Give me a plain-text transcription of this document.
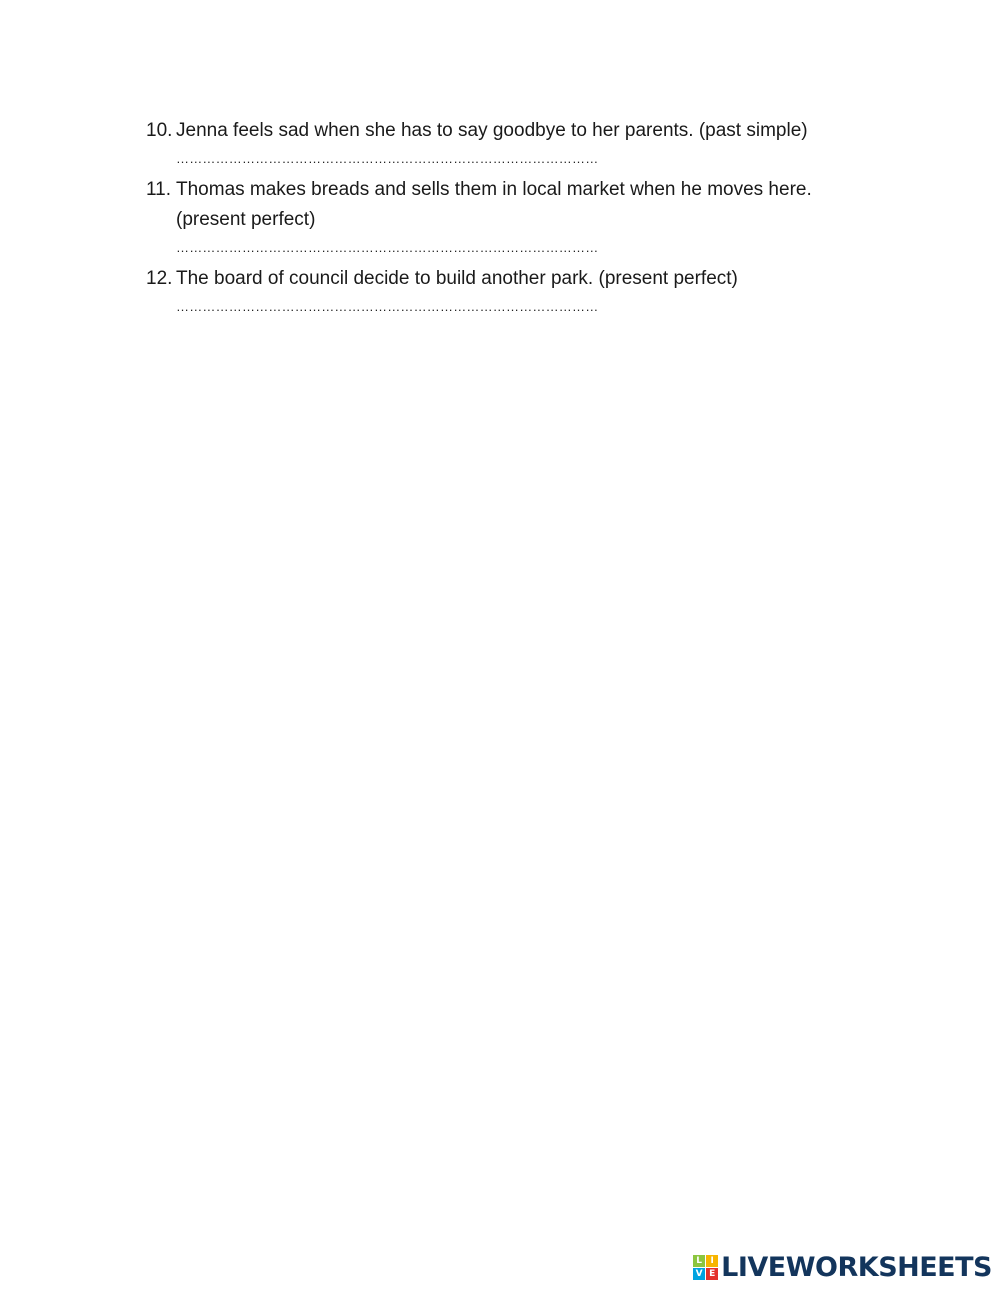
10. Jenna feels sad when she has to say goodbye to her parents. (past simple)
……………………………………………………………………………………
11. Thomas makes breads and sells them in local market when he moves here.
(present perfect)
……………………………………………………………………………………
12. The board of council decide to build another park. (present perfect)
……………………………………………………………………………………
L I
V E LIVEWORKSHEETS
